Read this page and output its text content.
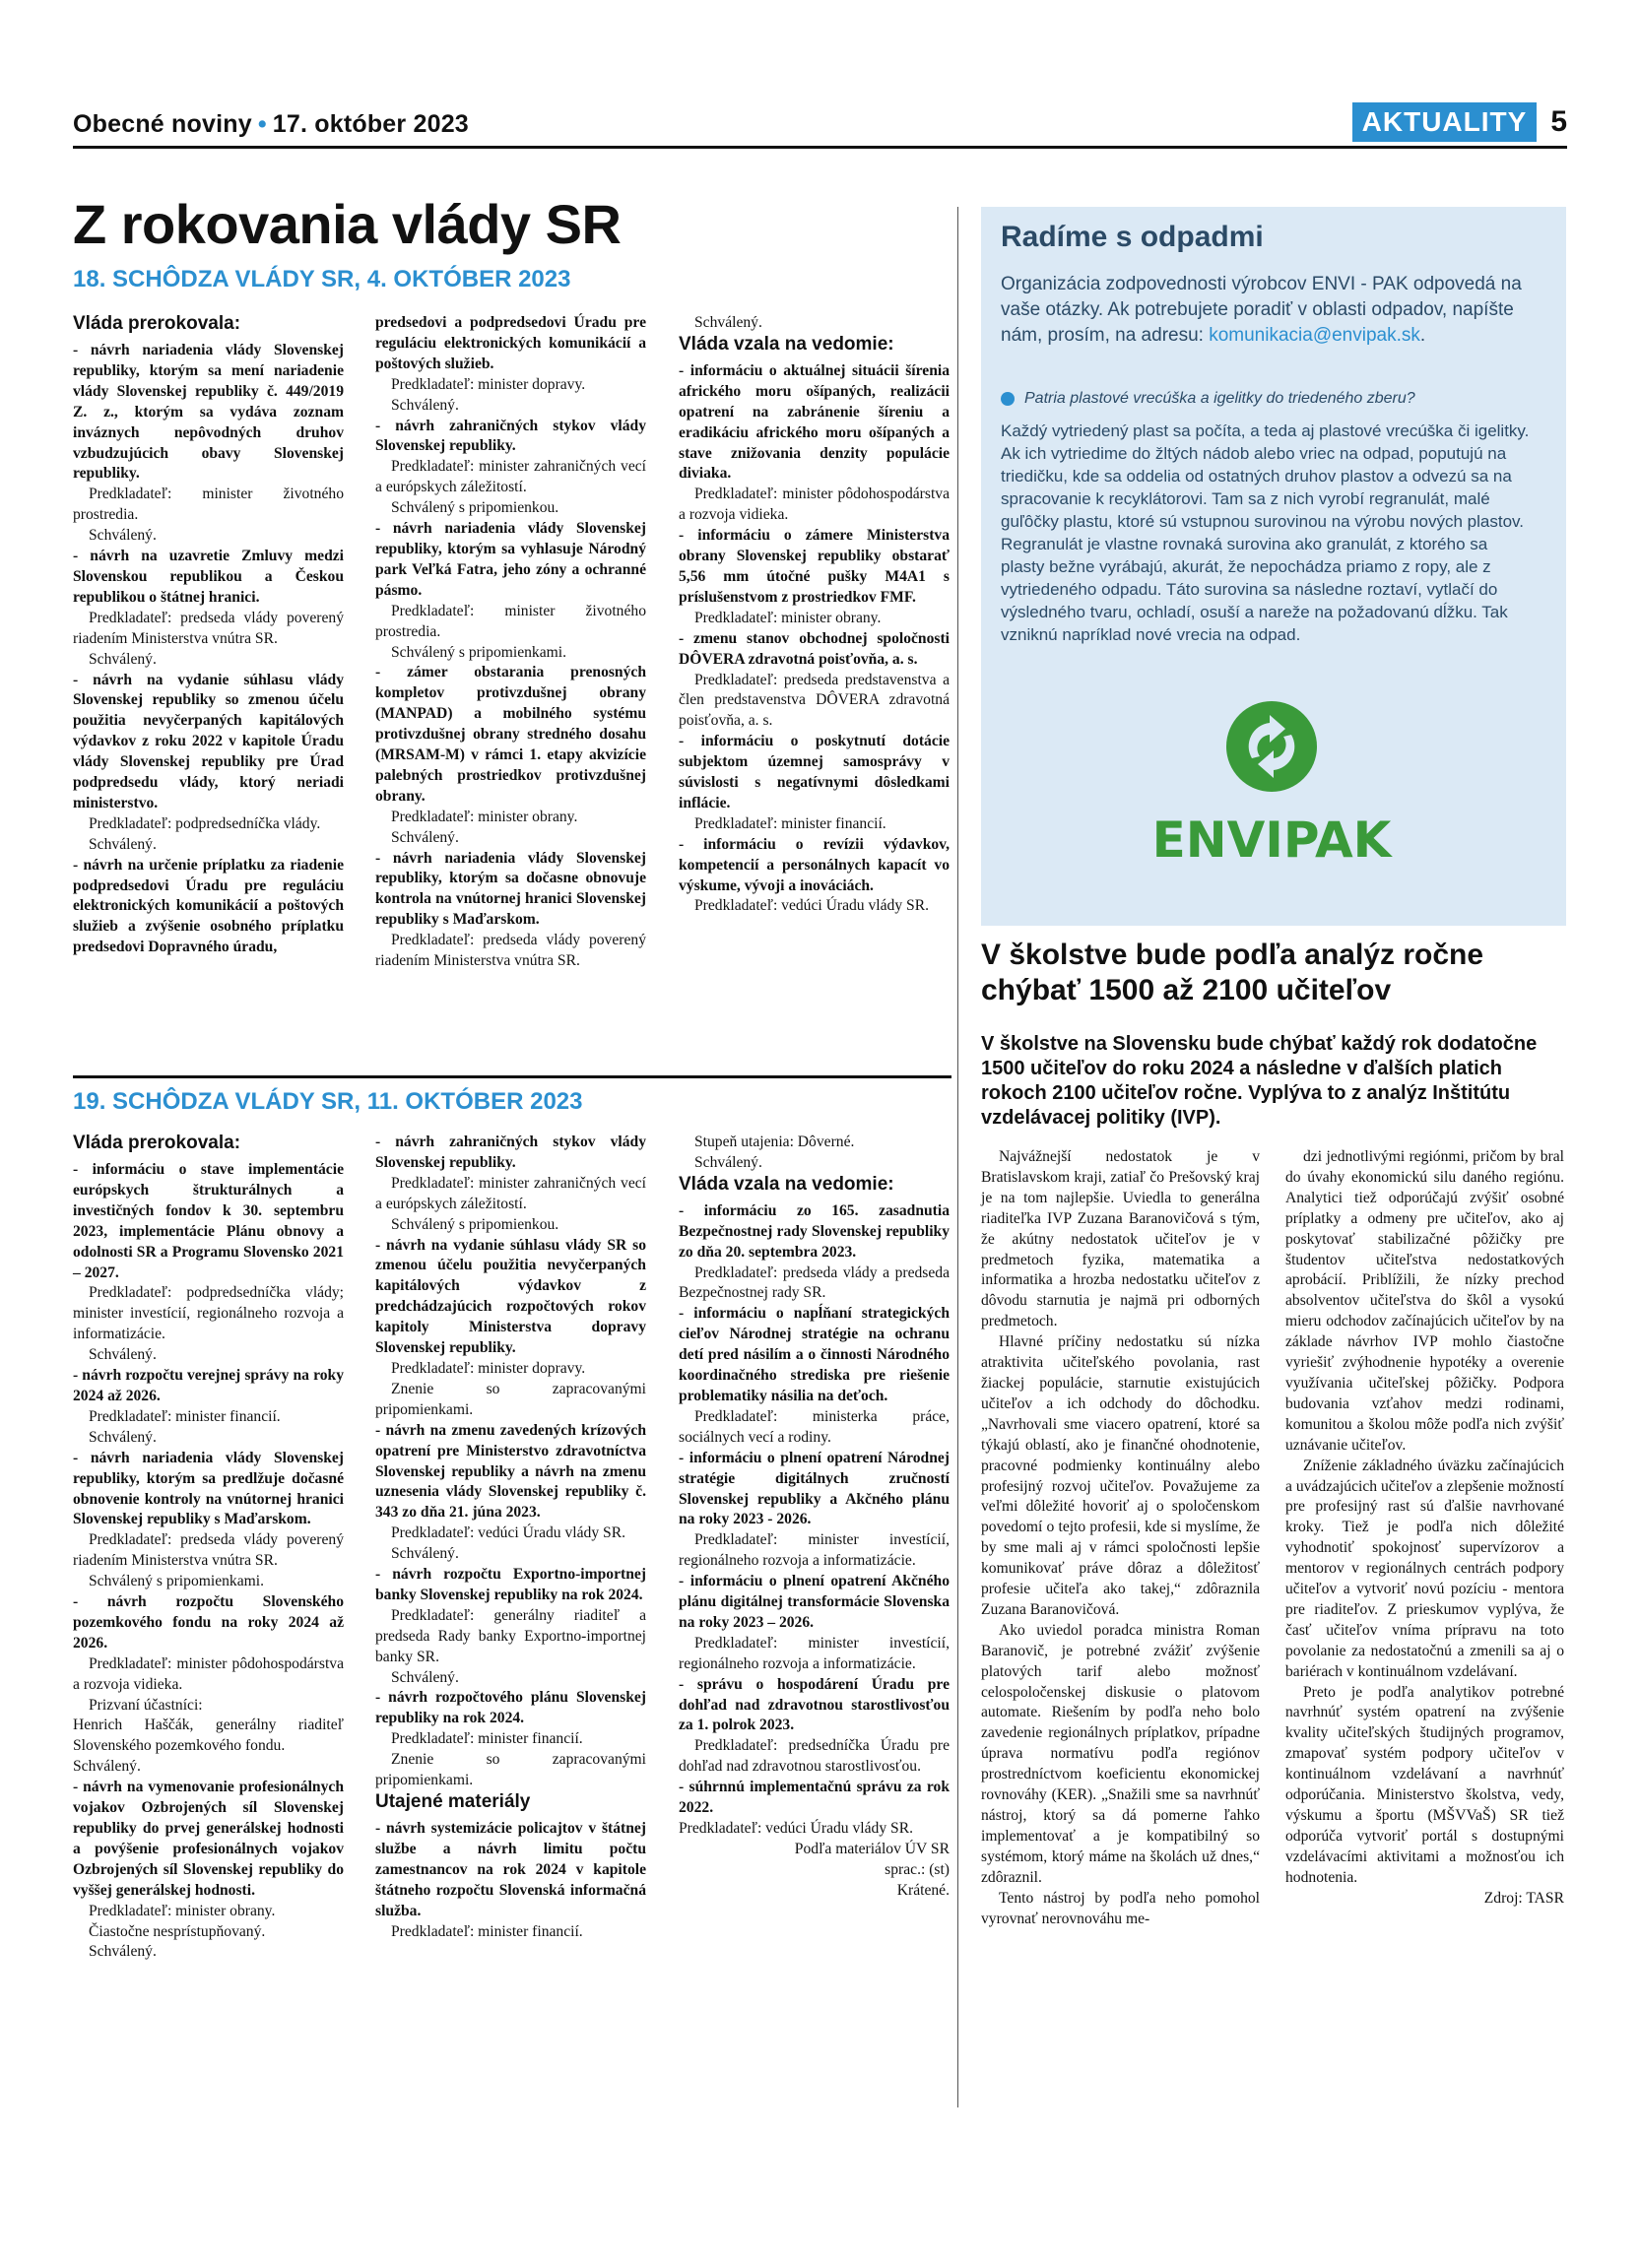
Obecné noviny • 17. október 2023	AKTUALITY 5
Z rokovania vlády SR
18. SCHÔDZA VLÁDY SR, 4. OKTÓBER 2023

Vláda prerokovala:

- návrh nariadenia vlády Slovenskej republiky, ktorým sa mení nariadenie vlády Slovenskej republiky č. 449/2019 Z. z., ktorým sa vydáva zoznam inváznych nepôvodných druhov vzbudzujúcich obavy Slovenskej republiky.

Predkladateľ: minister životného prostredia.

Schválený.

- návrh na uzavretie Zmluvy medzi Slovenskou republikou a Českou republikou o štátnej hranici.

Predkladateľ: predseda vlády poverený riadením Ministerstva vnútra SR.

Schválený.

- návrh na vydanie súhlasu vlády Slovenskej republiky so zmenou účelu použitia nevyčerpaných kapitálových výdavkov z roku 2022 v kapitole Úradu vlády Slovenskej republiky pre Úrad podpredsedu vlády, ktorý neriadi ministerstvo.

Predkladateľ: podpredsedníčka vlády.

Schválený.

- návrh na určenie príplatku za riadenie podpredsedovi Úradu pre reguláciu elektronických komunikácií a poštových služieb a zvýšenie osobného príplatku predsedovi Dopravného úradu,

predsedovi a podpredsedovi Úradu pre reguláciu elektronických komunikácií a poštových služieb.

Predkladateľ: minister dopravy.

Schválený.

- návrh zahraničných stykov vlády Slovenskej republiky.

Predkladateľ: minister zahraničných vecí a európskych záležitostí.

Schválený s pripomienkou.

- návrh nariadenia vlády Slovenskej republiky, ktorým sa vyhlasuje Národný park Veľká Fatra, jeho zóny a ochranné pásmo.

Predkladateľ: minister životného prostredia.

Schválený s pripomienkami.

- zámer obstarania prenosných kompletov protivzdušnej obrany (MANPAD) a mobilného systému protivzdušnej obrany stredného dosahu (MRSAM-M) v rámci 1. etapy akvizície palebných prostriedkov protivzdušnej obrany.

Predkladateľ: minister obrany.

Schválený.

- návrh nariadenia vlády Slovenskej republiky, ktorým sa dočasne obnovuje kontrola na vnútornej hranici Slovenskej republiky s Maďarskom.

Predkladateľ: predseda vlády poverený riadením Ministerstva vnútra SR.

Schválený.

Vláda vzala na vedomie:

- informáciu o aktuálnej situácii šírenia afrického moru ošípaných, realizácii opatrení na zabránenie šíreniu a eradikáciu afrického moru ošípaných a stave znižovania denzity populácie diviaka.

Predkladateľ: minister pôdohospodárstva a rozvoja vidieka.

- informáciu o zámere Ministerstva obrany Slovenskej republiky obstarať 5,56 mm útočné pušky M4A1 s príslušenstvom z prostriedkov FMF.

Predkladateľ: minister obrany.

- zmenu stanov obchodnej spoločnosti DÔVERA zdravotná poisťovňa, a. s.

Predkladateľ: predseda predstavenstva a člen predstavenstva DÔVERA zdravotná poisťovňa, a. s.

- informáciu o poskytnutí dotácie subjektom územnej samosprávy v súvislosti s negatívnymi dôsledkami inflácie.

Predkladateľ: minister financií.

- informáciu o revízii výdavkov, kompetencií a personálnych kapacít vo výskume, vývoji a inováciách.

Predkladateľ: vedúci Úradu vlády SR.

19. SCHÔDZA VLÁDY SR, 11. OKTÓBER 2023

Vláda prerokovala:

- informáciu o stave implementácie európskych štrukturálnych a investičných fondov k 30. septembru 2023, implementácie Plánu obnovy a odolnosti SR a Programu Slovensko 2021 – 2027.

Predkladateľ: podpredsedníčka vlády; minister investícií, regionálneho rozvoja a informatizácie.

Schválený.

- návrh rozpočtu verejnej správy na roky 2024 až 2026.

Predkladateľ: minister financií.

Schválený.

- návrh nariadenia vlády Slovenskej republiky, ktorým sa predlžuje dočasné obnovenie kontroly na vnútornej hranici Slovenskej republiky s Maďarskom.

Predkladateľ: predseda vlády poverený riadením Ministerstva vnútra SR.

Schválený s pripomienkami.

- návrh rozpočtu Slovenského pozemkového fondu na roky 2024 až 2026.

Predkladateľ: minister pôdohospodárstva a rozvoja vidieka.

Prizvaní účastníci:

Henrich Haščák, generálny riaditeľ Slovenského pozemkového fondu.

Schválený.

- návrh na vymenovanie profesionálnych vojakov Ozbrojených síl Slovenskej republiky do prvej generálskej hodnosti a povýšenie profesionálnych vojakov Ozbrojených síl Slovenskej republiky do vyššej generálskej hodnosti.

Predkladateľ: minister obrany.

Čiastočne nesprístupňovaný.

Schválený.

- návrh zahraničných stykov vlády Slovenskej republiky.

Predkladateľ: minister zahraničných vecí a európskych záležitostí.

Schválený s pripomienkou.

- návrh na vydanie súhlasu vlády SR so zmenou účelu použitia nevyčerpaných kapitálových výdavkov z predchádzajúcich rozpočtových rokov kapitoly Ministerstva dopravy Slovenskej republiky.

Predkladateľ: minister dopravy.

Znenie so zapracovanými pripomienkami.

- návrh na zmenu zavedených krízových opatrení pre Ministerstvo zdravotníctva Slovenskej republiky a návrh na zmenu uznesenia vlády Slovenskej republiky č. 343 zo dňa 21. júna 2023.

Predkladateľ: vedúci Úradu vlády SR.

Schválený.

- návrh rozpočtu Exportno-importnej banky Slovenskej republiky na rok 2024.

Predkladateľ: generálny riaditeľ a predseda Rady banky Exportno-importnej banky SR.

Schválený.

- návrh rozpočtového plánu Slovenskej republiky na rok 2024.

Predkladateľ: minister financií.

Znenie so zapracovanými pripomienkami.

Utajené materiály

- návrh systemizácie policajtov v štátnej službe a návrh limitu počtu zamestnancov na rok 2024 v kapitole štátneho rozpočtu Slovenská informačná služba.

Predkladateľ: minister financií.

Stupeň utajenia: Dôverné.

Schválený.

Vláda vzala na vedomie:

- informáciu zo 165. zasadnutia Bezpečnostnej rady Slovenskej republiky zo dňa 20. septembra 2023.

Predkladateľ: predseda vlády a predseda Bezpečnostnej rady SR.

- informáciu o napĺňaní strategických cieľov Národnej stratégie na ochranu detí pred násilím a o činnosti Národného koordinačného strediska pre riešenie problematiky násilia na deťoch.

Predkladateľ: ministerka práce, sociálnych vecí a rodiny.

- informáciu o plnení opatrení Národnej stratégie digitálnych zručností Slovenskej republiky a Akčného plánu na roky 2023 - 2026.

Predkladateľ: minister investícií, regionálneho rozvoja a informatizácie.

- informáciu o plnení opatrení Akčného plánu digitálnej transformácie Slovenska na roky 2023 – 2026.

Predkladateľ: minister investícií, regionálneho rozvoja a informatizácie.

- správu o hospodárení Úradu pre dohľad nad zdravotnou starostlivosťou za 1. polrok 2023.

Predkladateľ: predsedníčka Úradu pre dohľad nad zdravotnou starostlivosťou.

- súhrnnú implementačnú správu za rok 2022.

Predkladateľ: vedúci Úradu vlády SR.

Podľa materiálov ÚV SR

sprac.: (st)

Krátené.

Radíme s odpadmi
Organizácia zodpovednosti výrobcov ENVI - PAK odpovedá na vaše otázky. Ak potrebujete poradiť v oblasti odpadov, napíšte nám, prosím, na adresu: komunikacia@envipak.sk.
Patria plastové vrecúška a igelitky do triedeného zberu?
Každý vytriedený plast sa počíta, a teda aj plastové vrecúška či igelitky. Ak ich vytriedime do žltých nádob alebo vriec na odpad, poputujú na triedičku, kde sa oddelia od ostatných druhov plastov a odvezú sa na spracovanie k recyklátorovi. Tam sa z nich vyrobí regranulát, malé guľôčky plastu, ktoré sú vstupnou surovinou na výrobu nových plastov. Regranulát je vlastne rovnaká surovina ako granulát, z ktorého sa plasty bežne vyrábajú, akurát, že nepochádza priamo z ropy, ale z vytriedeného odpadu. Táto surovina sa následne roztaví, vytlačí do výsledného tvaru, ochladí, osuší a nareže na požadovanú dĺžku. Tak vzniknú napríklad nové vrecia na odpad.
ENVIPAK
V školstve bude podľa analýz ročne chýbať 1500 až 2100 učiteľov
V školstve na Slovensku bude chýbať každý rok dodatočne 1500 učiteľov do roku 2024 a následne v ďalších platich rokoch 2100 učiteľov ročne. Vyplýva to z analýz Inštitútu vzdelávacej politiky (IVP).

Najvážnejší nedostatok je v Bratislavskom kraji, zatiaľ čo Prešovský kraj je na tom najlepšie. Uviedla to generálna riaditeľka IVP Zuzana Baranovičová s tým, že akútny nedostatok učiteľov je v predmetoch fyzika, matematika a informatika a hrozba nedostatku učiteľov z dôvodu starnutia je najmä pri odborných predmetoch.

Hlavné príčiny nedostatku sú nízka atraktivita učiteľského povolania, rast žiackej populácie, starnutie existujúcich učiteľov a ich odchody do dôchodku. „Navrhovali sme viacero opatrení, ktoré sa týkajú oblastí, ako je finančné ohodnotenie, pracovné podmienky kontinuálny alebo profesijný rozvoj učiteľov. Považujeme za veľmi dôležité hovoriť aj o spoločenskom povedomí o tejto profesii, kde si myslíme, že by sme mali aj v rámci spoločnosti lepšie komunikovať práve dôraz a dôležitosť profesie učiteľa ako takej,“ zdôraznila Zuzana Baranovičová.

Ako uviedol poradca ministra Roman Baranovič, je potrebné zvážiť zvýšenie platových tarif alebo možnosť celospoločenskej diskusie o platovom automate. Riešením by podľa neho bolo zavedenie regionálnych príplatkov, prípadne úprava normatívu podľa regiónov prostredníctvom koeficientu ekonomickej rovnováhy (KER). „Snažili sme sa navrhnúť nástroj, ktorý sa dá pomerne ľahko implementovať a je kompatibilný so systémom, ktorý máme na školách už dnes,“ zdôraznil.

Tento nástroj by podľa neho pomohol vyrovnať nerovnováhu me-

dzi jednotlivými regiónmi, pričom by bral do úvahy ekonomickú silu daného regiónu. Analytici tiež odporúčajú zvýšiť osobné príplatky a odmeny pre učiteľov, ako aj poskytovať stabilizačné pôžičky pre študentov učiteľstva nedostatkových aprobácií. Priblížili, že nízky prechod absolventov učiteľstva do škôl a vysokú mieru odchodov začínajúcich učiteľov by na základe návrhov IVP mohlo čiastočne vyriešiť zvýhodnenie hypotéky a overenie využívania učiteľskej pôžičky. Podpora budovania vzťahov medzi rodinami, komunitou a školou môže podľa nich zvýšiť uznávanie učiteľov.

Zníženie základného úväzku začínajúcich a uvádzajúcich učiteľov a zlepšenie možností pre profesijný rast sú ďalšie navrhované kroky. Tiež je podľa nich dôležité vyhodnotiť spokojnosť supervízorov a mentorov v regionálnych centrách podpory učiteľov a vytvoriť novú pozíciu - mentora pre riaditeľov. Z prieskumov vyplýva, že časť učiteľov vníma prípravu na toto povolanie za nedostatočnú a zmenili sa aj o bariérach v kontinuálnom vzdelávaní.

Preto je podľa analytikov potrebné navrhnúť systém opatrení na zvýšenie kvality učiteľských študijných programov, zmapovať systém podpory učiteľov v kontinuálnom vzdelávaní a navrhnúť odporúčania. Ministerstvo školstva, vedy, výskumu a športu (MŠVVaŠ) SR tiež odporúča vytvoriť portál s dostupnými vzdelávacími aktivitami a možnosťou ich hodnotenia.

Zdroj: TASR
